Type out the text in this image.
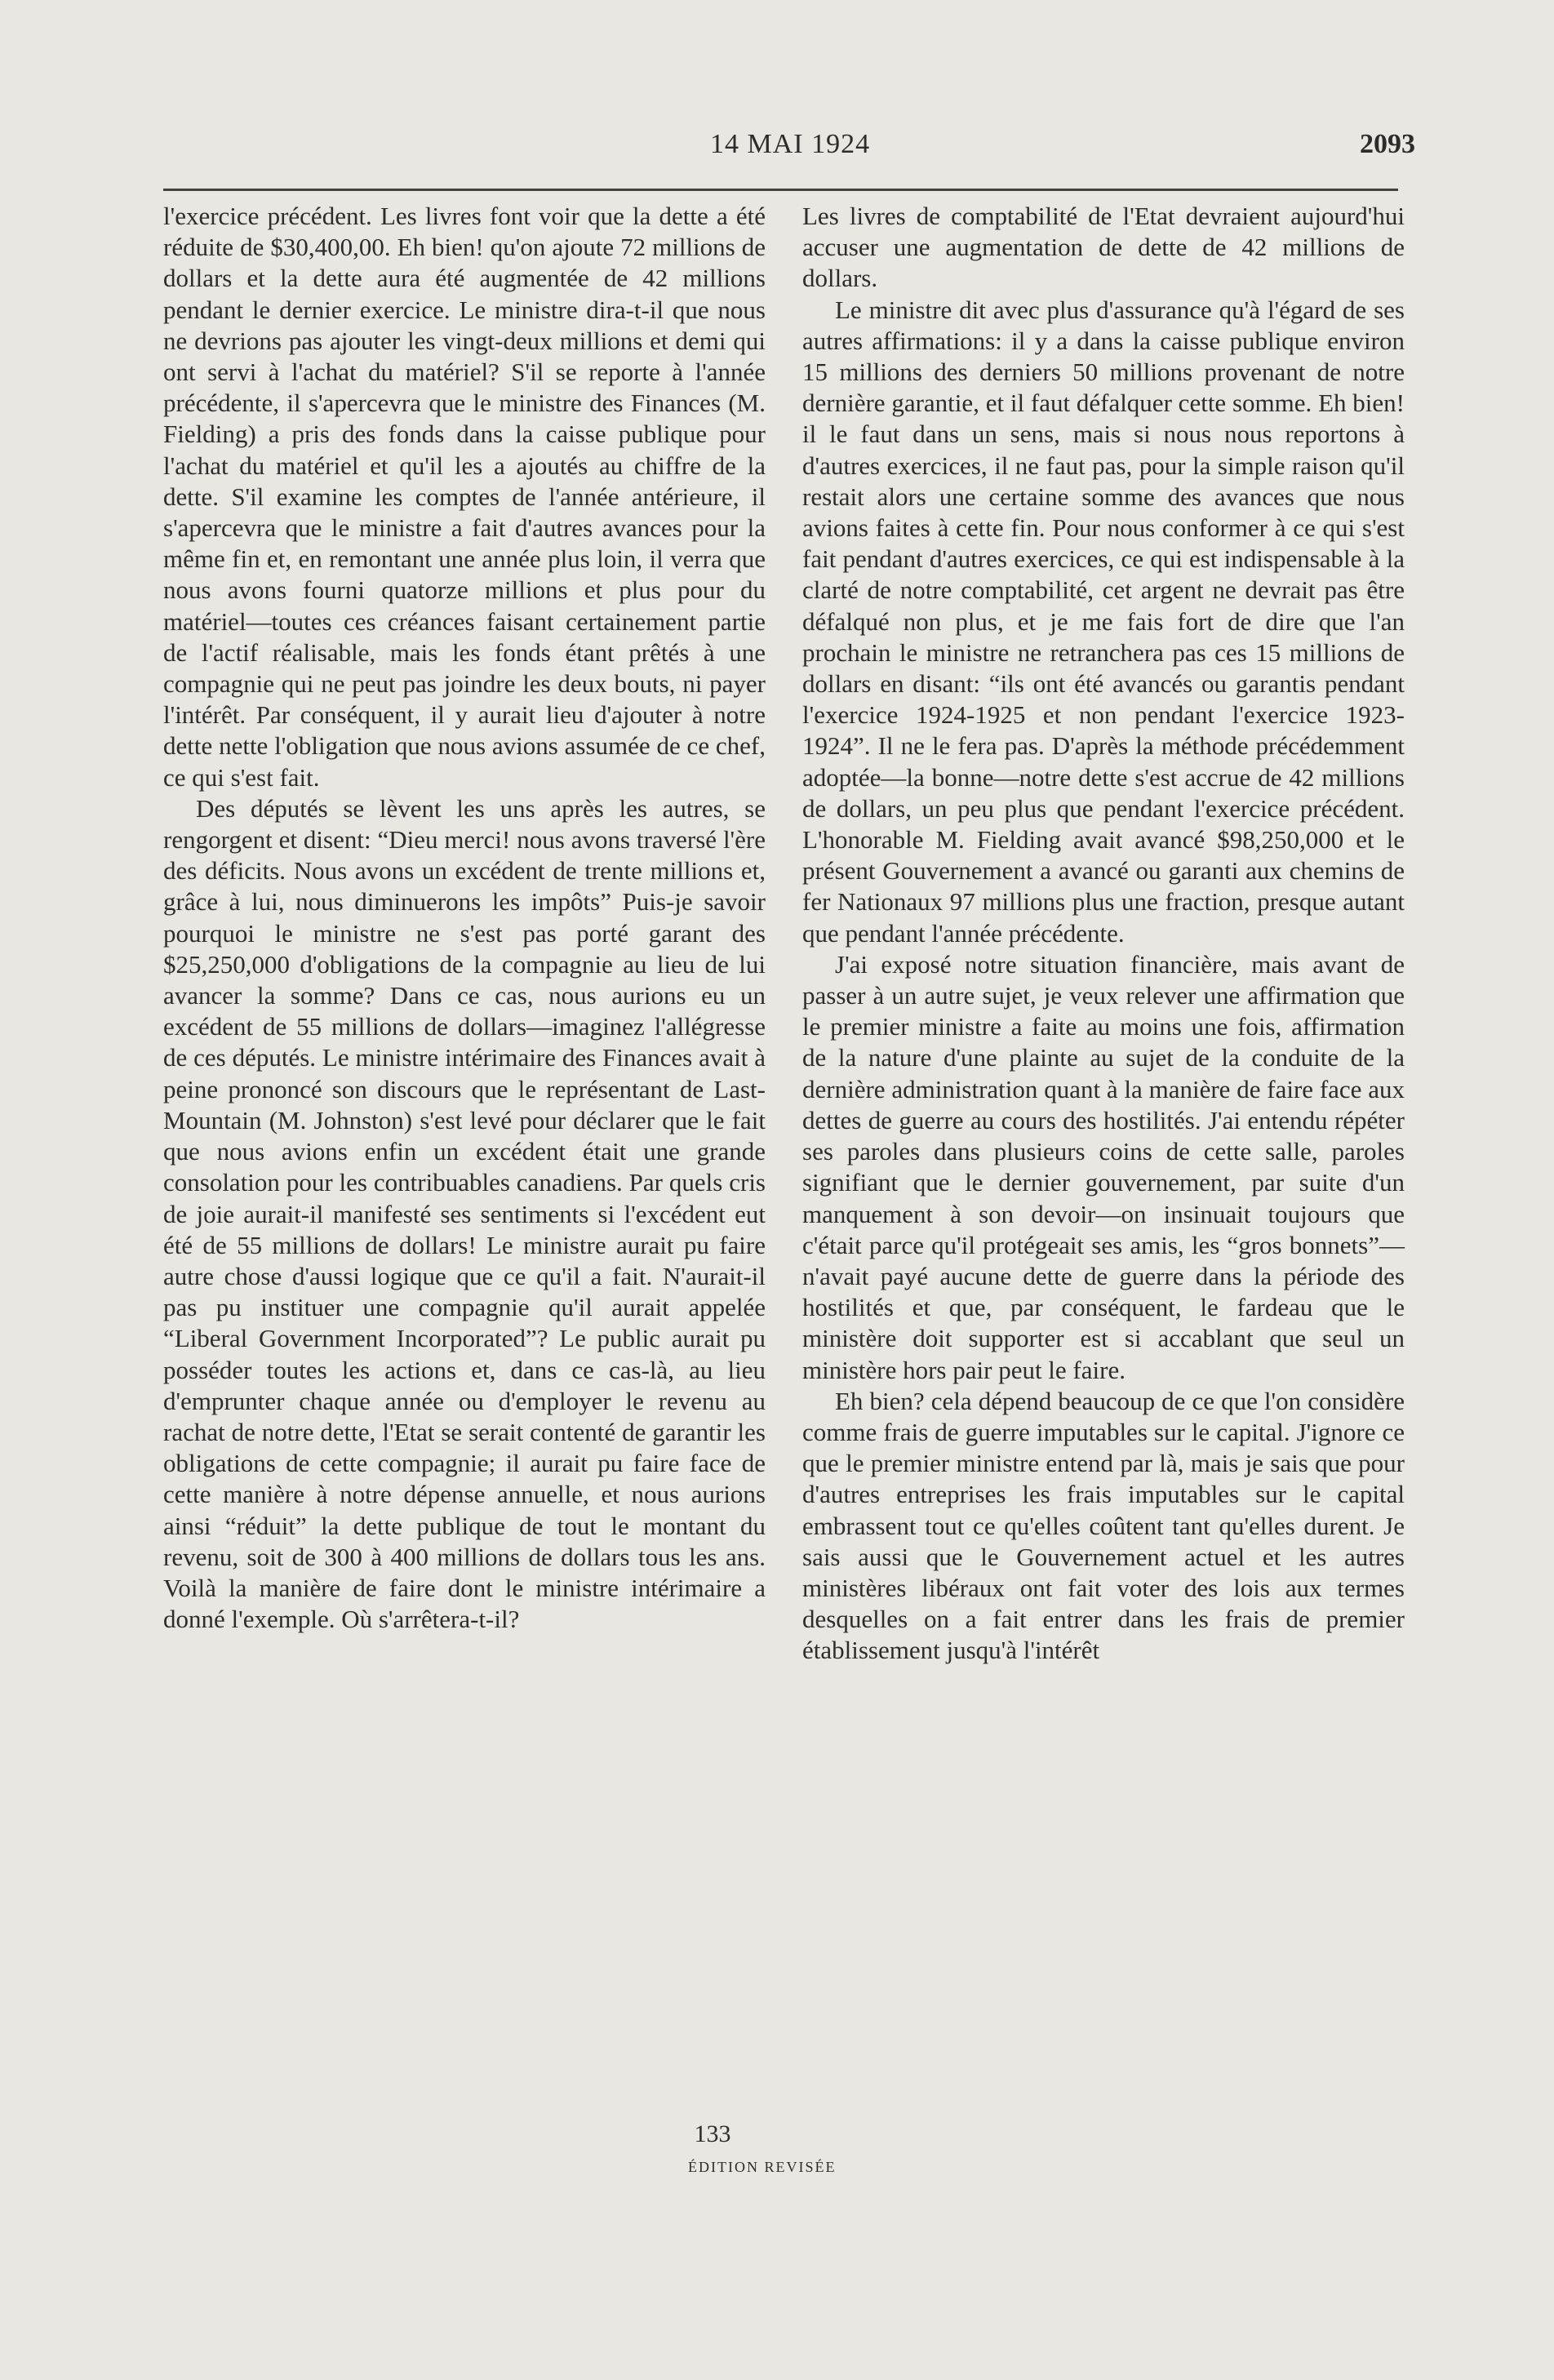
14 MAI 1924	2093

l'exercice précédent. Les livres font voir que la dette a été réduite de $30,400,00. Eh bien! qu'on ajoute 72 millions de dollars et la dette aura été augmentée de 42 millions pendant le dernier exercice. Le ministre dira-t-il que nous ne devrions pas ajouter les vingt-deux millions et demi qui ont servi à l'achat du matériel? S'il se reporte à l'année précédente, il s'apercevra que le ministre des Finances (M. Fielding) a pris des fonds dans la caisse publique pour l'achat du matériel et qu'il les a ajoutés au chiffre de la dette. S'il examine les comptes de l'année antérieure, il s'apercevra que le ministre a fait d'autres avances pour la même fin et, en remontant une année plus loin, il verra que nous avons fourni quatorze millions et plus pour du matériel—toutes ces créances faisant certainement partie de l'actif réalisable, mais les fonds étant prêtés à une compagnie qui ne peut pas joindre les deux bouts, ni payer l'intérêt. Par conséquent, il y aurait lieu d'ajouter à notre dette nette l'obligation que nous avions assumée de ce chef, ce qui s'est fait.

Des députés se lèvent les uns après les autres, se rengorgent et disent: “Dieu merci! nous avons traversé l'ère des déficits. Nous avons un excédent de trente millions et, grâce à lui, nous diminuerons les impôts” Puis-je savoir pourquoi le ministre ne s'est pas porté garant des $25,250,000 d'obligations de la compagnie au lieu de lui avancer la somme? Dans ce cas, nous aurions eu un excédent de 55 millions de dollars—imaginez l'allégresse de ces députés. Le ministre intérimaire des Finances avait à peine prononcé son discours que le représentant de Last-Mountain (M. Johnston) s'est levé pour déclarer que le fait que nous avions enfin un excédent était une grande consolation pour les contribuables canadiens. Par quels cris de joie aurait-il manifesté ses sentiments si l'excédent eut été de 55 millions de dollars! Le ministre aurait pu faire autre chose d'aussi logique que ce qu'il a fait. N'aurait-il pas pu instituer une compagnie qu'il aurait appelée “Liberal Government Incorporated”? Le public aurait pu posséder toutes les actions et, dans ce cas-là, au lieu d'emprunter chaque année ou d'employer le revenu au rachat de notre dette, l'Etat se serait contenté de garantir les obligations de cette compagnie; il aurait pu faire face de cette manière à notre dépense annuelle, et nous aurions ainsi “réduit” la dette publique de tout le montant du revenu, soit de 300 à 400 millions de dollars tous les ans. Voilà la manière de faire dont le ministre intérimaire a donné l'exemple. Où s'arrêtera-t-il?

Les livres de comptabilité de l'Etat devraient aujourd'hui accuser une augmentation de dette de 42 millions de dollars.

Le ministre dit avec plus d'assurance qu'à l'égard de ses autres affirmations: il y a dans la caisse publique environ 15 millions des derniers 50 millions provenant de notre dernière garantie, et il faut défalquer cette somme. Eh bien! il le faut dans un sens, mais si nous nous reportons à d'autres exercices, il ne faut pas, pour la simple raison qu'il restait alors une certaine somme des avances que nous avions faites à cette fin. Pour nous conformer à ce qui s'est fait pendant d'autres exercices, ce qui est indispensable à la clarté de notre comptabilité, cet argent ne devrait pas être défalqué non plus, et je me fais fort de dire que l'an prochain le ministre ne retranchera pas ces 15 millions de dollars en disant: “ils ont été avancés ou garantis pendant l'exercice 1924-1925 et non pendant l'exercice 1923-1924”. Il ne le fera pas. D'après la méthode précédemment adoptée—la bonne—notre dette s'est accrue de 42 millions de dollars, un peu plus que pendant l'exercice précédent. L'honorable M. Fielding avait avancé $98,250,000 et le présent Gouvernement a avancé ou garanti aux chemins de fer Nationaux 97 millions plus une fraction, presque autant que pendant l'année précédente.

J'ai exposé notre situation financière, mais avant de passer à un autre sujet, je veux relever une affirmation que le premier ministre a faite au moins une fois, affirmation de la nature d'une plainte au sujet de la conduite de la dernière administration quant à la manière de faire face aux dettes de guerre au cours des hostilités. J'ai entendu répéter ses paroles dans plusieurs coins de cette salle, paroles signifiant que le dernier gouvernement, par suite d'un manquement à son devoir—on insinuait toujours que c'était parce qu'il protégeait ses amis, les “gros bonnets”—n'avait payé aucune dette de guerre dans la période des hostilités et que, par conséquent, le fardeau que le ministère doit supporter est si accablant que seul un ministère hors pair peut le faire.

Eh bien? cela dépend beaucoup de ce que l'on considère comme frais de guerre imputables sur le capital. J'ignore ce que le premier ministre entend par là, mais je sais que pour d'autres entreprises les frais imputables sur le capital embrassent tout ce qu'elles coûtent tant qu'elles durent. Je sais aussi que le Gouvernement actuel et les autres ministères libéraux ont fait voter des lois aux termes desquelles on a fait entrer dans les frais de premier établissement jusqu'à l'intérêt

133
ÉDITION REVISÉE
